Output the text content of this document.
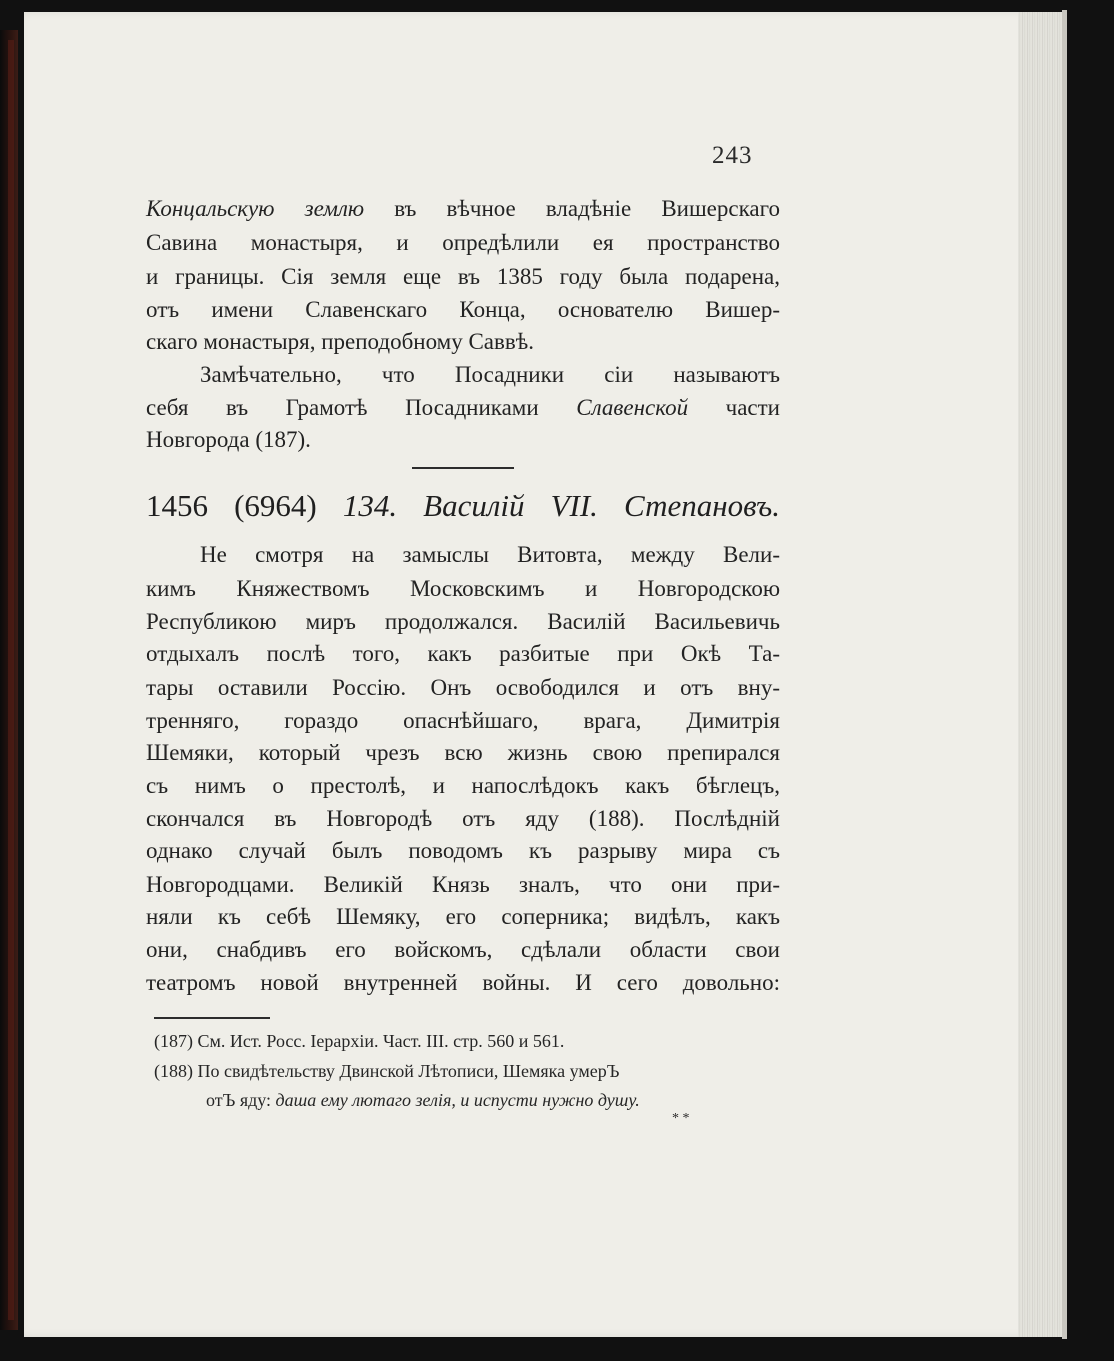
243
Концальскую землю въ вѣчное владѣніе Вишерскаго
Савина монастыря, и опредѣлили ея пространство
и границы. Сія земля еще въ 1385 году была подарена,
отъ имени Славенскаго Конца, основателю Вишер-
скаго монастыря, преподобному Саввѣ.
Замѣчательно, что Посадники сіи называютъ
себя въ Грамотѣ Посадниками Славенской части
Новгорода (187).
1456 (6964) 134. Василій VII. Степановъ.
Не смотря на замыслы Витовта, между Вели-
кимъ Княжествомъ Московскимъ и Новгородскою
Республикою миръ продолжался. Василій Васильевичь
отдыхалъ послѣ того, какъ разбитые при Окѣ Та-
тары оставили Россію. Онъ освободился и отъ вну-
тренняго, гораздо опаснѣйшаго, врага, Димитрія
Шемяки, который чрезъ всю жизнь свою препирался
съ нимъ о престолѣ, и напослѣдокъ какъ бѣглецъ,
скончался въ Новгородѣ отъ яду (188). Послѣдній
однако случай былъ поводомъ къ разрыву мира съ
Новгородцами. Великій Князь зналъ, что они при-
няли къ себѣ Шемяку, его соперника; видѣлъ, какъ
они, снабдивъ его войскомъ, сдѣлали области свои
театромъ новой внутренней войны. И сего довольно:
(187) См. Ист. Росс. Іерархіи. Част. III. стр. 560 и 561.
(188) По свидѣтельству Двинской Лѣтописи, Шемяка умерЪ
отЪ яду: даша ему лютаго зелія, и испусти нужно душу.
* *
